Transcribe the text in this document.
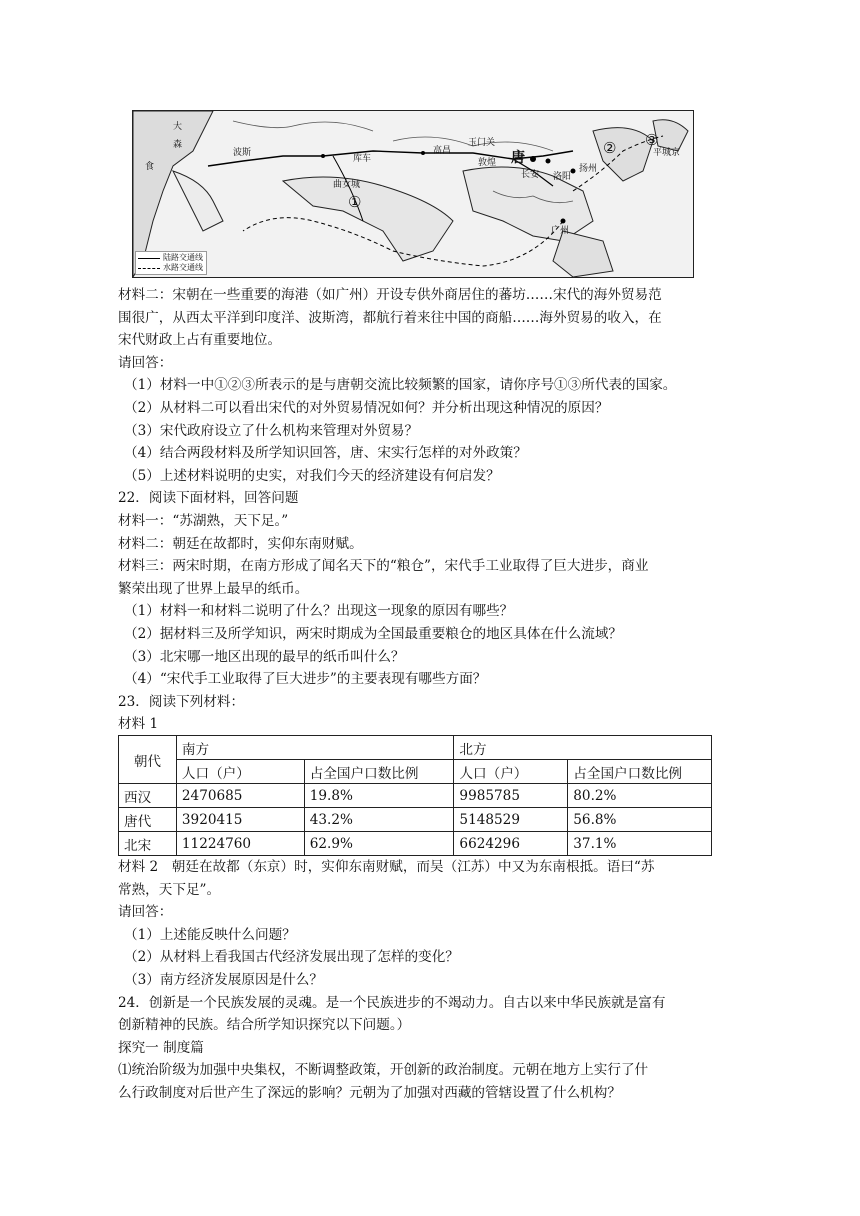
大
森
食
波斯
库车
高昌
玉门关
敦煌 唐
长安 洛阳
扬州
广州
曲女城
①
② ③
平城京
陆路交通线
水路交通线

材料二：宋朝在一些重要的海港（如广州）开设专供外商居住的蕃坊……宋代的海外贸易范

围很广，从西太平洋到印度洋、波斯湾，都航行着来往中国的商船……海外贸易的收入，在

宋代财政上占有重要地位。

请回答：

（1）材料一中①②③所表示的是与唐朝交流比较频繁的国家，请你序号①③所代表的国家。

（2）从材料二可以看出宋代的对外贸易情况如何？并分析出现这种情况的原因？

（3）宋代政府设立了什么机构来管理对外贸易？

（4）结合两段材料及所学知识回答，唐、宋实行怎样的对外政策？

（5）上述材料说明的史实，对我们今天的经济建设有何启发？

22．阅读下面材料，回答问题

材料一：“苏湖熟，天下足。”

材料二：朝廷在故都时，实仰东南财赋。

材料三：两宋时期，在南方形成了闻名天下的“粮仓”，宋代手工业取得了巨大进步，商业

繁荣出现了世界上最早的纸币。

（1）材料一和材料二说明了什么？出现这一现象的原因有哪些？

（2）据材料三及所学知识，两宋时期成为全国最重要粮仓的地区具体在什么流域？

（3）北宋哪一地区出现的最早的纸币叫什么？

（4）“宋代手工业取得了巨大进步”的主要表现有哪些方面？

23．阅读下列材料：

材料 1

朝代	南方		北方	
	人口（户）	占全国户口数比例	人口（户）	占全国户口数比例
西汉	2470685	19.8%	9985785	80.2%
唐代	3920415	43.2%	5148529	56.8%
北宋	11224760	62.9%	6624296	37.1%

材料 2　朝廷在故都（东京）时，实仰东南财赋，而吴（江苏）中又为东南根抵。语曰“苏

常熟，天下足”。

请回答：

（1）上述能反映什么问题？

（2）从材料上看我国古代经济发展出现了怎样的变化？

（3）南方经济发展原因是什么？

24．创新是一个民族发展的灵魂。是一个民族进步的不竭动力。自古以来中华民族就是富有

创新精神的民族。结合所学知识探究以下问题。）

探究一 制度篇

⑴统治阶级为加强中央集权，不断调整政策，开创新的政治制度。元朝在地方上实行了什

么行政制度对后世产生了深远的影响？元朝为了加强对西藏的管辖设置了什么机构？
